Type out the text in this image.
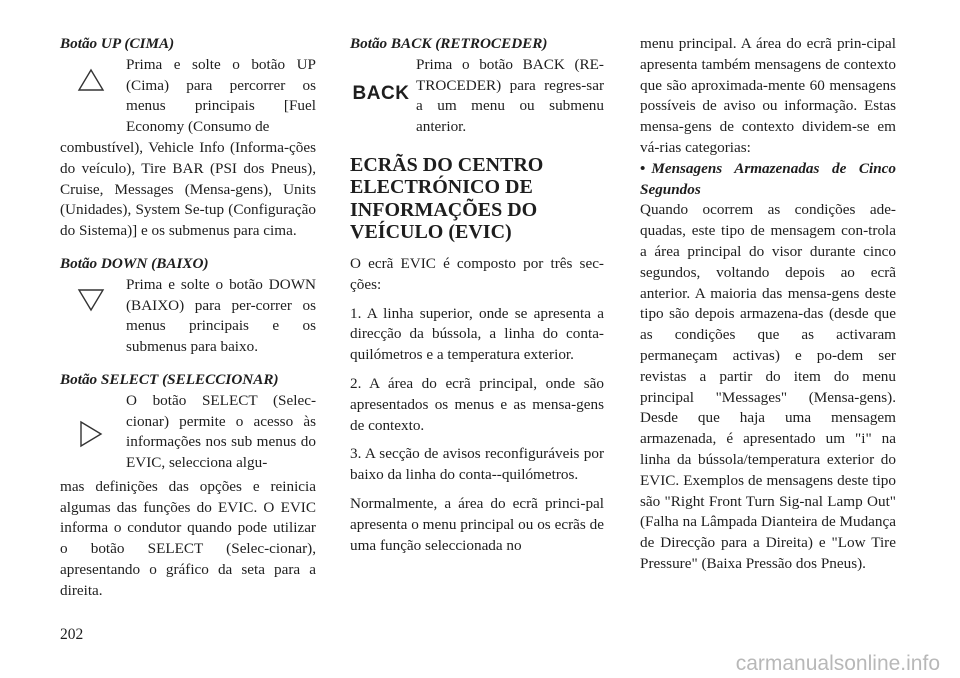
Botão UP (CIMA)

Prima e solte o botão UP (Cima) para percorrer os menus principais [Fuel Economy (Consumo de

combustível), Vehicle Info (Informa-ções do veículo), Tire BAR (PSI dos Pneus), Cruise, Messages (Mensa-gens), Units (Unidades), System Se-tup (Configuração do Sistema)] e os submenus para cima.

Botão DOWN (BAIXO)

Prima e solte o botão DOWN (BAIXO) para per-correr os menus principais e os submenus para baixo.

Botão SELECT (SELECCIONAR)

O botão SELECT (Selec-cionar) permite o acesso às informações nos sub menus do EVIC, selecciona algu-

mas definições das opções e reinicia algumas das funções do EVIC. O EVIC informa o condutor quando pode utilizar o botão SELECT (Selec-cionar), apresentando o gráfico da seta para a direita.

Botão BACK (RETROCEDER)

BACK

Prima o botão BACK (RE-TROCEDER) para regres-sar a um menu ou submenu anterior.

ECRÃS DO CENTRO ELECTRÓNICO DE INFORMAÇÕES DO VEÍCULO (EVIC)

O ecrã EVIC é composto por três sec-ções:

1. A linha superior, onde se apresenta a direcção da bússola, a linha do conta-quilómetros e a temperatura exterior.

2. A área do ecrã principal, onde são apresentados os menus e as mensa-gens de contexto.

3. A secção de avisos reconfiguráveis por baixo da linha do conta--quilómetros.

Normalmente, a área do ecrã princi-pal apresenta o menu principal ou os ecrãs de uma função seleccionada no

menu principal. A área do ecrã prin-cipal apresenta também mensagens de contexto que são aproximada-mente 60 mensagens possíveis de aviso ou informação. Estas mensa-gens de contexto dividem-se em vá-rias categorias:

• Mensagens Armazenadas de Cinco Segundos

Quando ocorrem as condições ade-quadas, este tipo de mensagem con-trola a área principal do visor durante cinco segundos, voltando depois ao ecrã anterior. A maioria das mensa-gens deste tipo são depois armazena-das (desde que as condições que as activaram permaneçam activas) e po-dem ser revistas a partir do item do menu principal "Messages" (Mensa-gens). Desde que haja uma mensagem armazenada, é apresentado um "i" na linha da bússola/temperatura exterior do EVIC. Exemplos de mensagens deste tipo são "Right Front Turn Sig-nal Lamp Out" (Falha na Lâmpada Dianteira de Mudança de Direcção para a Direita) e "Low Tire Pressure" (Baixa Pressão dos Pneus).

202
carmanualsonline.info
